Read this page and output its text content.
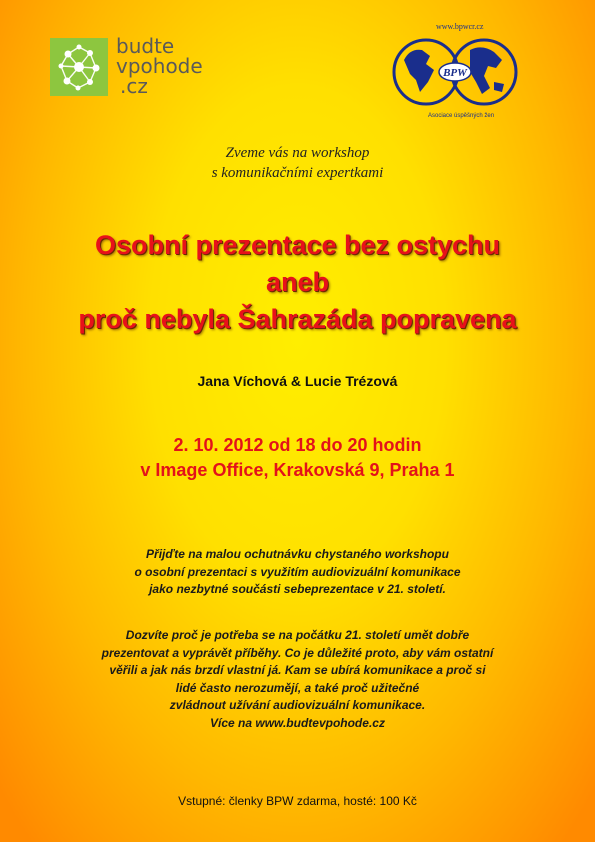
budte
vpohode
.cz
www.bpwcr.cz
BPW
Asociace úspěšných žen
Zveme vás na workshop
s komunikačními expertkami
Osobní prezentace bez ostychu
aneb
proč nebyla Šahrazáda popravena
Jana Víchová & Lucie Trézová
2. 10. 2012 od 18 do 20 hodin
v Image Office, Krakovská 9, Praha 1
Přijďte na malou ochutnávku chystaného workshopu
o osobní prezentaci s využitím audiovizuální komunikace
jako nezbytné součásti sebeprezentace v 21. století.
Dozvíte proč je potřeba se na počátku 21. století umět dobře
prezentovat a vyprávět příběhy. Co je důležité proto, aby vám ostatní
věřili a jak nás brzdí vlastní já. Kam se ubírá komunikace a proč si
lidé často nerozumějí, a také proč užitečné
zvládnout užívání audiovizuální komunikace.
Více na www.budtevpohode.cz
Vstupné: členky BPW zdarma, hosté: 100 Kč
